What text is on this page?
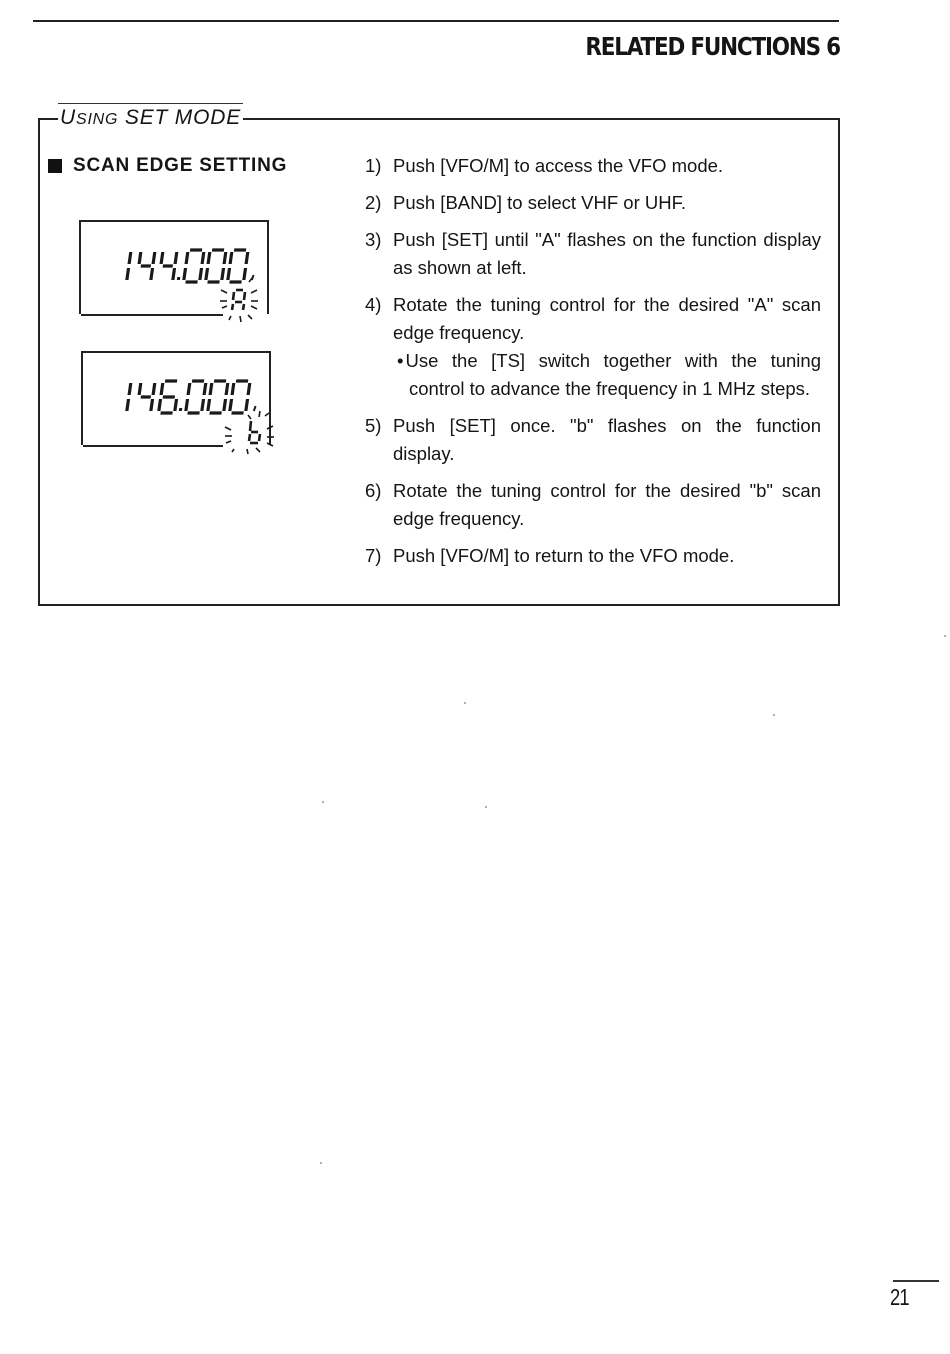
RELATED FUNCTIONS 6
USING SET MODE
SCAN EDGE SETTING	1) Push [VFO/M] to access the VFO mode.
2) Push [BAND] to select VHF or UHF.
3) Push [SET] until "A" flashes on the function display as shown at left.
4) Rotate the tuning control for the desired "A" scan edge frequency.
• Use the [TS] switch together with the tuning control to advance the frequency in 1 MHz steps.
5) Push [SET] once. "b" flashes on the function display.
6) Rotate the tuning control for the desired "b" scan edge frequency.
7) Push [VFO/M] to return to the VFO mode.
21
